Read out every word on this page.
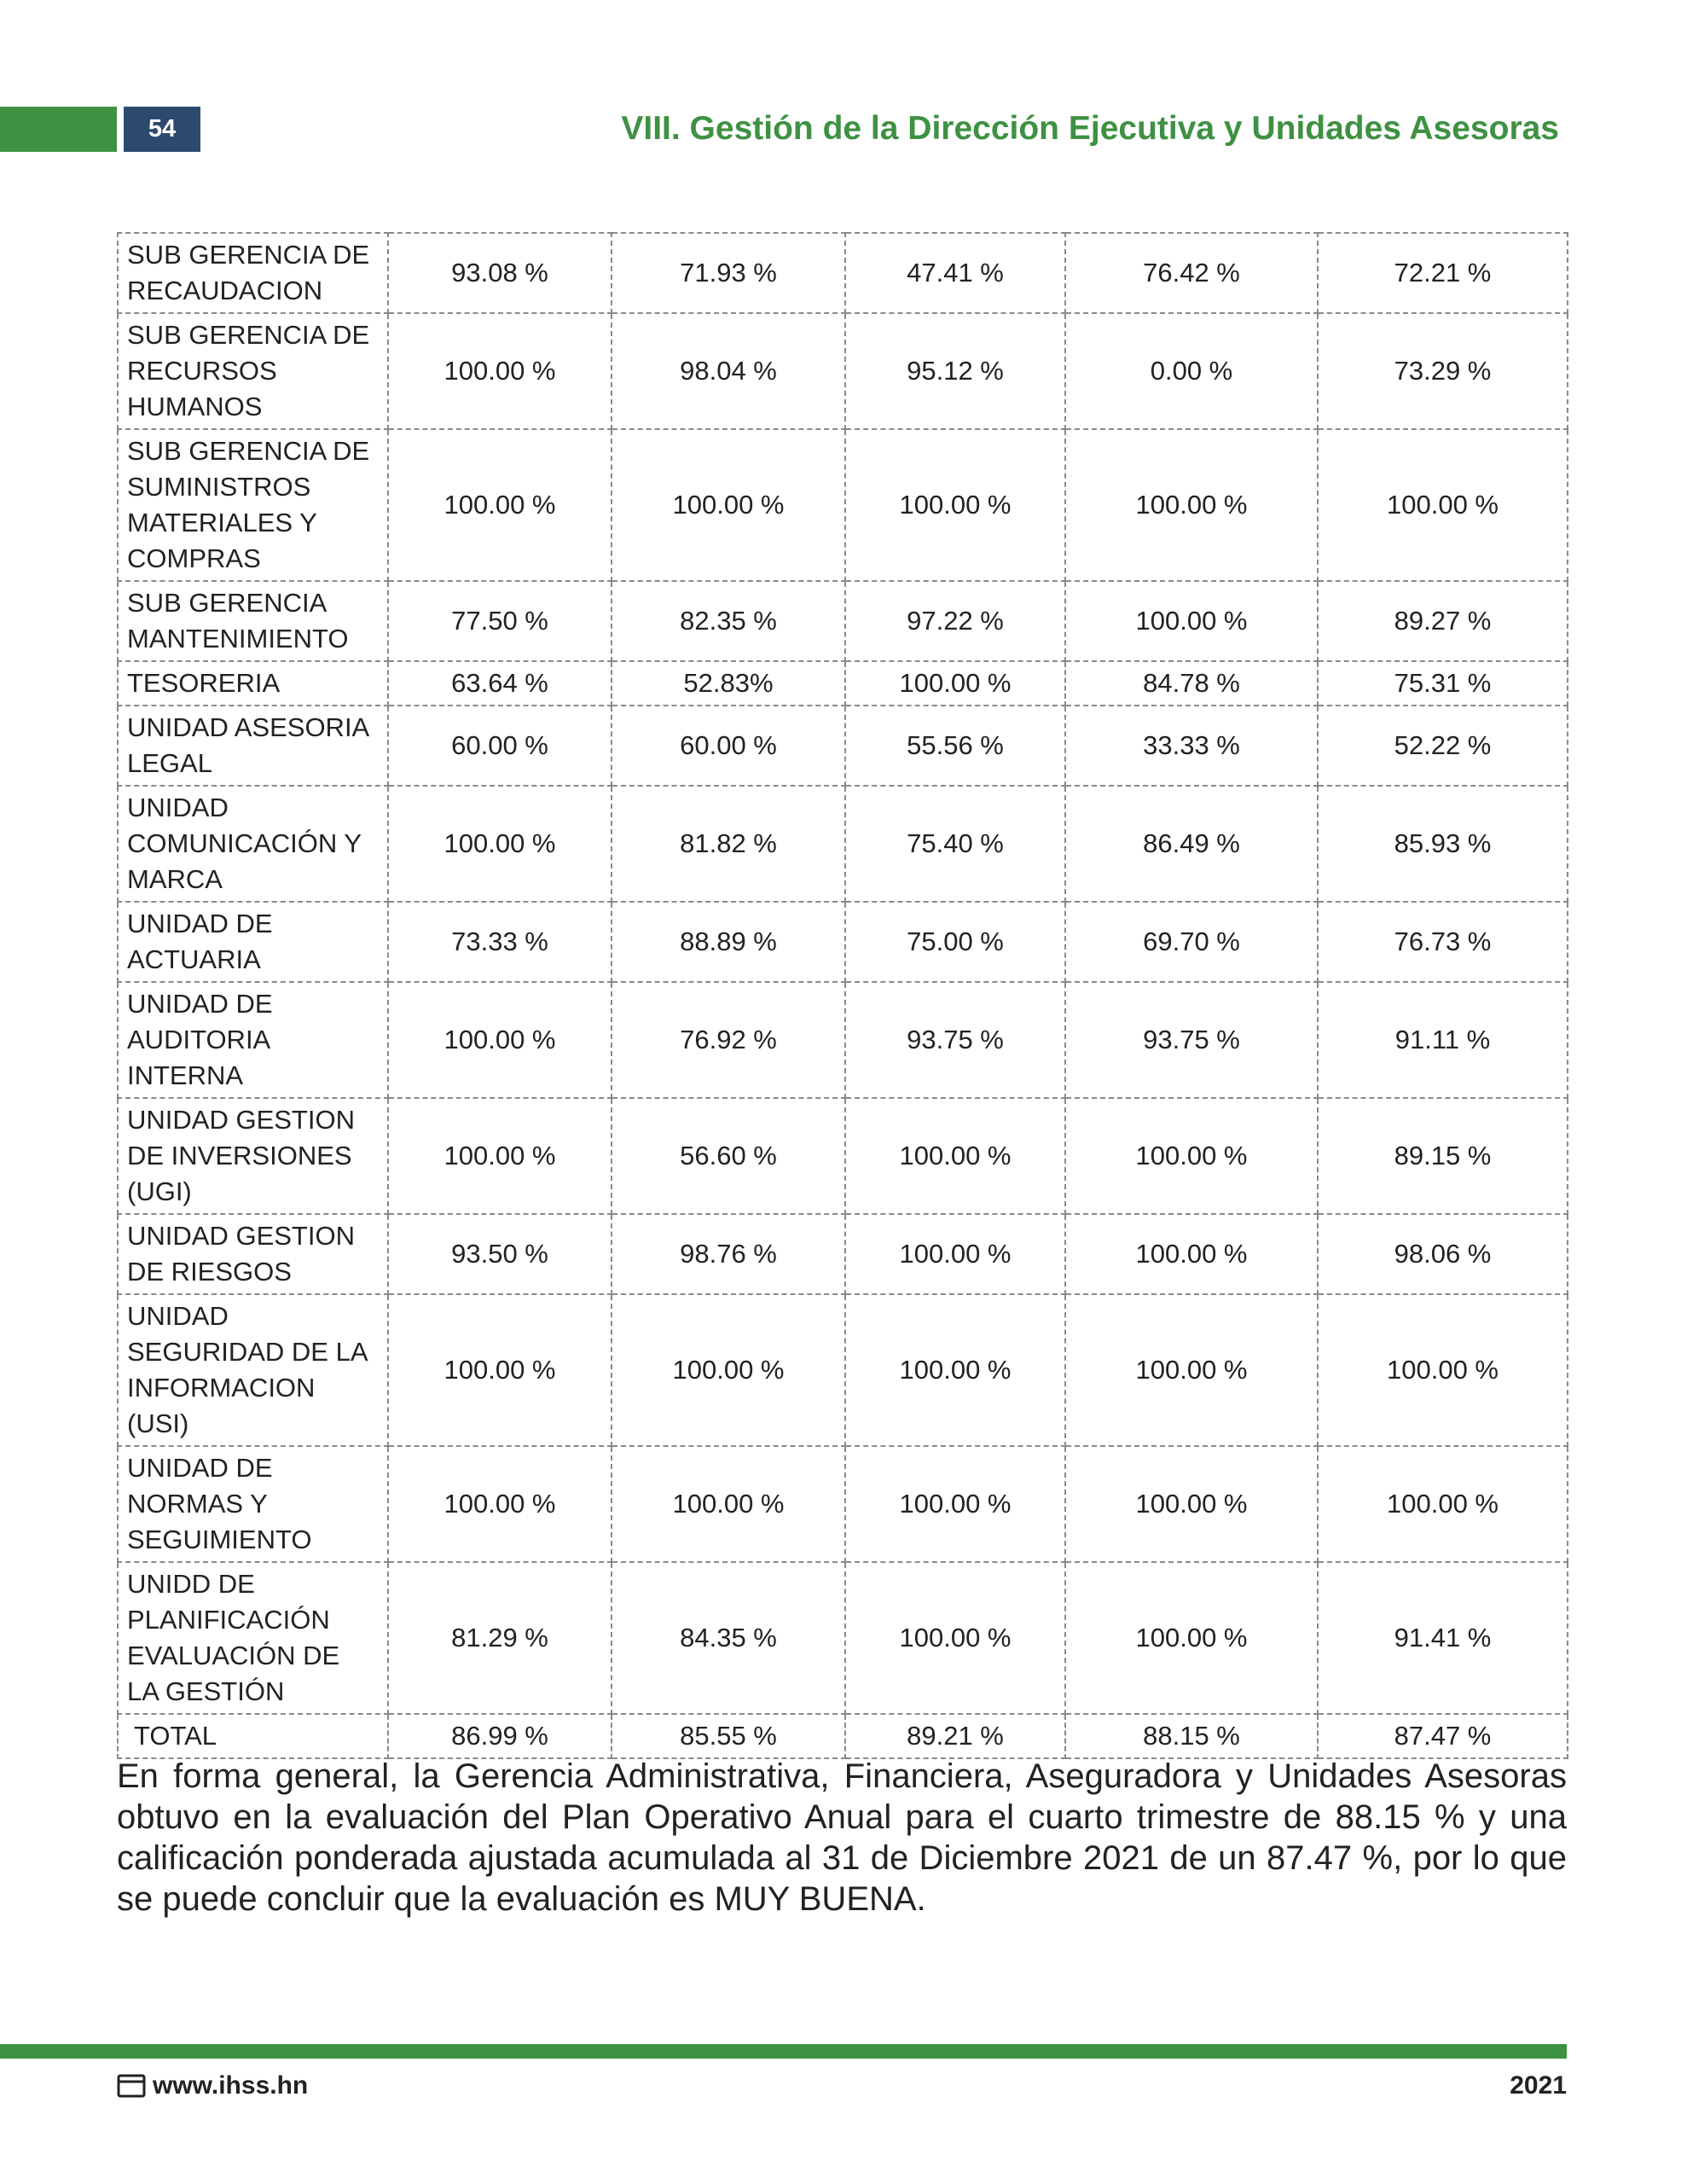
54	VIII. Gestión de la Dirección Ejecutiva y Unidades Asesoras
SUB GERENCIA DE RECAUDACION	93.08 %	71.93 %	47.41 %	76.42 %	72.21 %
SUB GERENCIA DE RECURSOS HUMANOS	100.00 %	98.04 %	95.12 %	0.00 %	73.29 %
SUB GERENCIA DE SUMINISTROS MATERIALES Y COMPRAS	100.00 %	100.00 %	100.00 %	100.00 %	100.00 %
SUB GERENCIA MANTENIMIENTO	77.50 %	82.35 %	97.22 %	100.00 %	89.27 %
TESORERIA	63.64 %	52.83%	100.00 %	84.78 %	75.31 %
UNIDAD ASESORIA LEGAL	60.00 %	60.00 %	55.56 %	33.33 %	52.22 %
UNIDAD COMUNICACIÓN Y MARCA	100.00 %	81.82 %	75.40 %	86.49 %	85.93 %
UNIDAD DE ACTUARIA	73.33 %	88.89 %	75.00 %	69.70 %	76.73 %
UNIDAD DE AUDITORIA INTERNA	100.00 %	76.92 %	93.75 %	93.75 %	91.11 %
UNIDAD GESTION DE INVERSIONES (UGI)	100.00 %	56.60 %	100.00 %	100.00 %	89.15 %
UNIDAD GESTION DE RIESGOS	93.50 %	98.76 %	100.00 %	100.00 %	98.06 %
UNIDAD SEGURIDAD DE LA INFORMACION (USI)	100.00 %	100.00 %	100.00 %	100.00 %	100.00 %
UNIDAD DE NORMAS Y SEGUIMIENTO	100.00 %	100.00 %	100.00 %	100.00 %	100.00 %
UNIDD DE PLANIFICACIÓN EVALUACIÓN DE LA GESTIÓN	81.29 %	84.35 %	100.00 %	100.00 %	91.41 %
TOTAL	86.99 %	85.55 %	89.21 %	88.15 %	87.47 %
En forma general, la Gerencia Administrativa, Financiera, Aseguradora y Unidades Asesoras obtuvo en la evaluación del Plan Operativo Anual para el cuarto trimestre de 88.15 % y una calificación ponderada ajustada acumulada al 31 de Diciembre 2021 de un 87.47 %, por lo que se puede concluir que la evaluación es MUY BUENA.
www.ihss.hn	2021
